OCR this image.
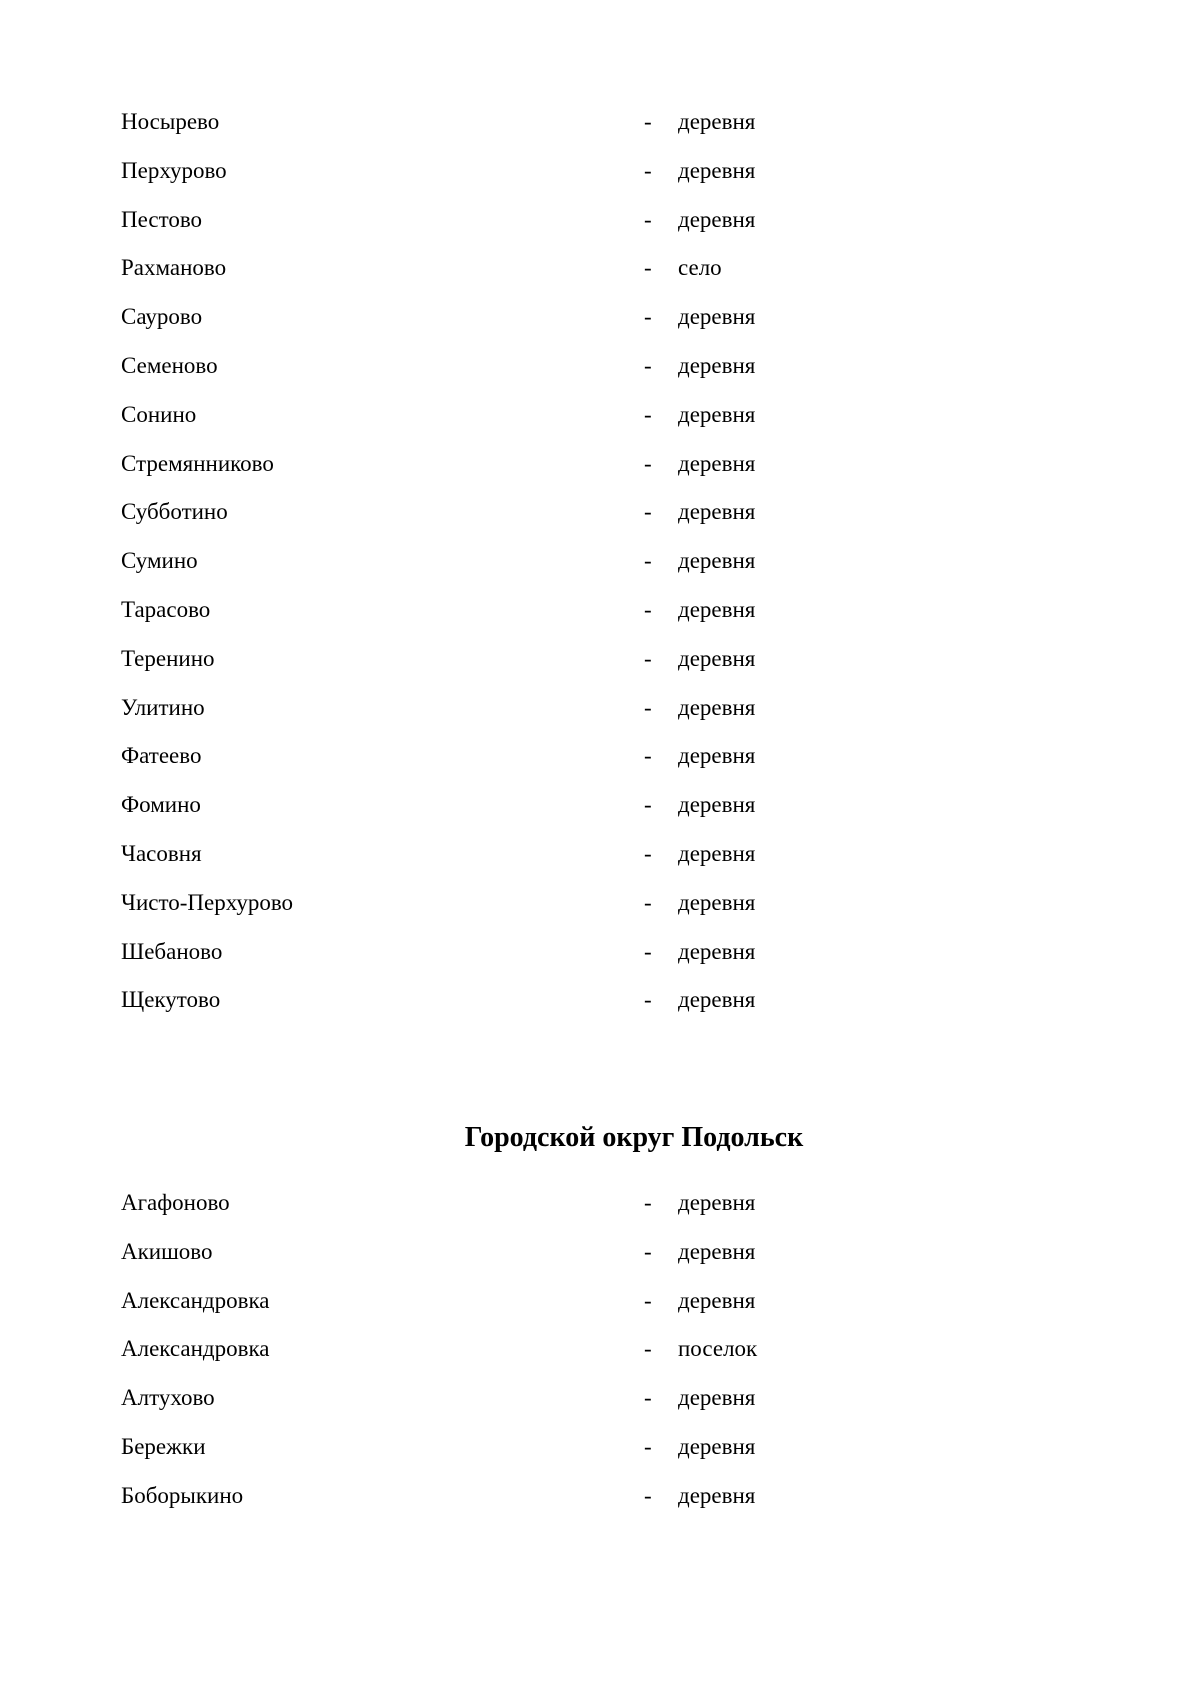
Носырево	- деревня
Перхурово	- деревня
Пестово	- деревня
Рахманово	- село
Саурово	- деревня
Семеново	- деревня
Сонино	- деревня
Стремянниково	- деревня
Субботино	- деревня
Сумино	- деревня
Тарасово	- деревня
Теренино	- деревня
Улитино	- деревня
Фатеево	- деревня
Фомино	- деревня
Часовня	- деревня
Чисто-Перхурово	- деревня
Шебаново	- деревня
Щекутово	- деревня
Городской округ Подольск
Агафоново	- деревня
Акишово	- деревня
Александровка	- деревня
Александровка	- поселок
Алтухово	- деревня
Бережки	- деревня
Боборыкино	- деревня
